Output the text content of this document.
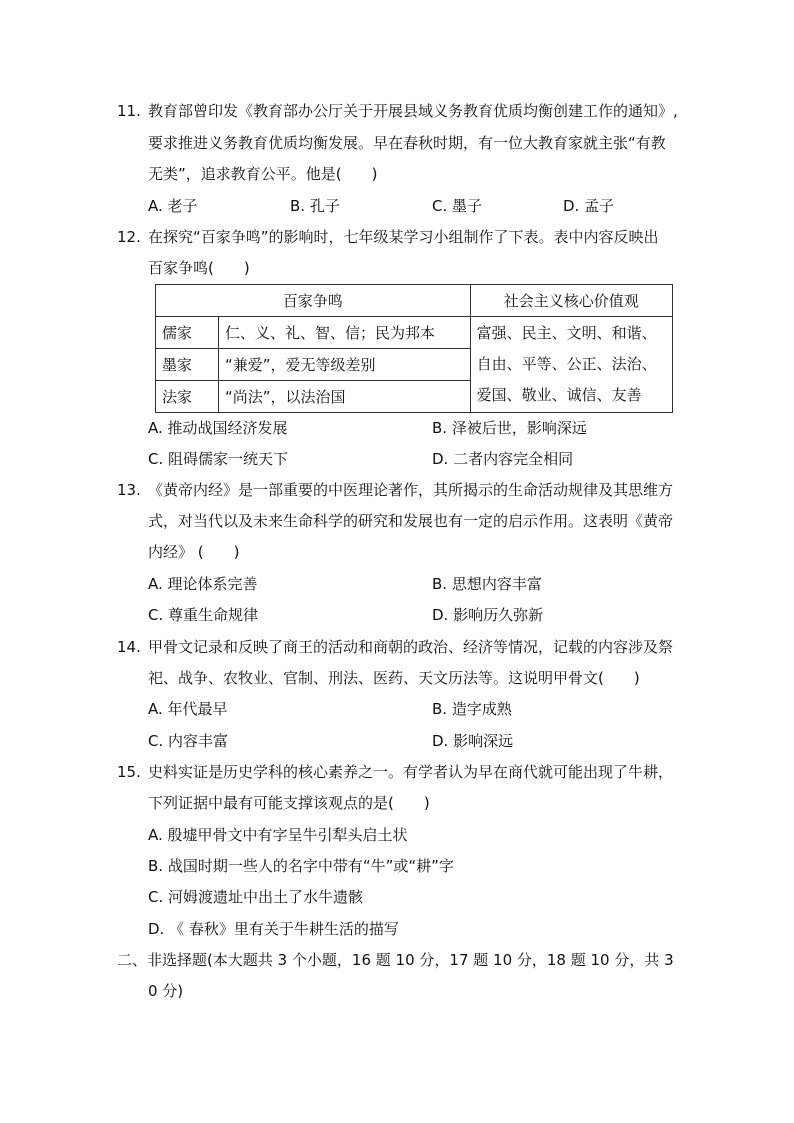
11. 教育部曾印发《教育部办公厅关于开展县域义务教育优质均衡创建工作的通知》,
要求推进义务教育优质均衡发展。早在春秋时期，有一位大教育家就主张“有教
无类”，追求教育公平。他是(　　)
A. 老子	B. 孔子	C. 墨子	D. 孟子
12. 在探究“百家争鸣”的影响时，七年级某学习小组制作了下表。表中内容反映出
百家争鸣(　　)
百家争鸣		社会主义核心价值观
儒家	仁、义、礼、智、信；民为邦本	富强、民主、文明、和谐、
自由、平等、公正、法治、
爱国、敬业、诚信、友善

墨家	“兼爱”，爱无等级差别	
法家	“尚法”，以法治国	
A. 推动战国经济发展	B. 泽被后世，影响深远
C. 阻碍儒家一统天下	D. 二者内容完全相同
13. 《黄帝内经》是一部重要的中医理论著作，其所揭示的生命活动规律及其思维方
式，对当代以及未来生命科学的研究和发展也有一定的启示作用。这表明《黄帝
内经》 (　　)
A. 理论体系完善	B. 思想内容丰富
C. 尊重生命规律	D. 影响历久弥新
14. 甲骨文记录和反映了商王的活动和商朝的政治、经济等情况，记载的内容涉及祭
祀、战争、农牧业、官制、刑法、医药、天文历法等。这说明甲骨文(　　)
A. 年代最早	B. 造字成熟
C. 内容丰富	D. 影响深远
15. 史料实证是历史学科的核心素养之一。有学者认为早在商代就可能出现了牛耕，
下列证据中最有可能支撑该观点的是(　　)
A. 殷墟甲骨文中有字呈牛引犁头启土状
B. 战国时期一些人的名字中带有“牛”或“耕”字
C. 河姆渡遗址中出土了水牛遗骸
D. 《 春秋》里有关于牛耕生活的描写
二、非选择题(本大题共 3 个小题，16 题 10 分，17 题 10 分，18 题 10 分，共 3
0 分)
